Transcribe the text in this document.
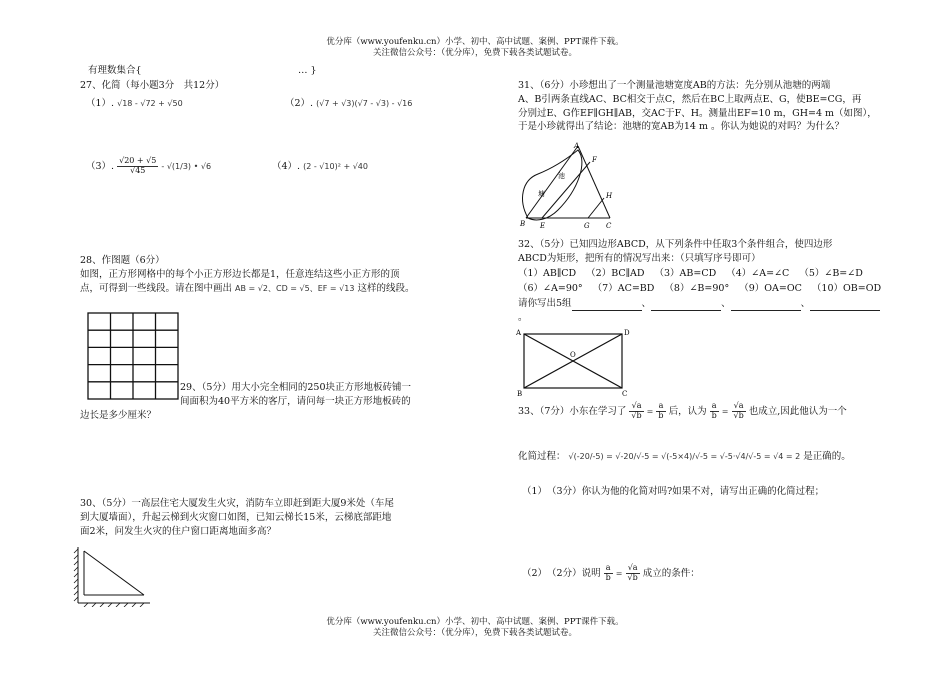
优分库（www.youfenku.cn）小学、初中、高中试题、案例、PPT课件下载。
关注微信公众号：（优分库），免费下载各类试题试卷。
有理数集合{	… }
27、化简（每小题3分　共12分）
（1）. √18 - √72 + √50	（2）. (√7 + √3)(√7 - √3) - √16
（3）. $\frac{√20 + √5}{√45} - √(1/3)$ • √6	（4）. (2 - √10)² + √40
28、作图题（6分）
如图，正方形网格中的每个小正方形边长都是1，任意连结这些小正方形的顶
点，可得到一些线段。请在图中画出 AB = √2、CD = √5、EF = √13 这样的线段。
29、（5分）用大小完全相同的250块正方形地板砖铺一
间面积为40平方米的客厅，请问每一块正方形地板砖的
边长是多少厘米？
30、（5分）一高层住宅大厦发生火灾，消防车立即赶到距大厦9米处（车尾
到大厦墙面），升起云梯到火灾窗口如图，已知云梯长15米，云梯底部距地
面2米，问发生火灾的住户窗口距离地面多高？
31、（6分）小珍想出了一个测量池塘宽度AB的方法：先分别从池塘的两端
A、B引两条直线AC、BC相交于点C，然后在BC上取两点E、G，使BE=CG，再
分别过E、G作EF∥GH∥AB，交AC于F、H。测量出EF=10 m，GH=4 m（如图），
于是小珍就得出了结论：池塘的宽AB为14 m 。你认为她说的对吗？为什么？
A
F
H
B E	G C
池
塘
32、（5分）已知四边形ABCD，从下列条件中任取3个条件组合，使四边形
ABCD为矩形，把所有的情况写出来：（只填写序号即可）
（1）AB∥CD （2）BC∥AD （3）AB=CD （4）∠A=∠C （5）∠B=∠D
（6）∠A=90° （7）AC=BD （8）∠B=90° （9）OA=OC （10）OB=OD
请你写出5组	、	、	、
。
A	D
B	C
O
33、（7分）小东在学习了 $\frac{√a}{√b} = \frac{a}{b}$ 后，认为 $\frac{a}{b} = \frac{√a}{√b}$ 也成立,因此他认为一个
化简过程： √(-20/-5) = √-20/√-5 = √(-5×4)/√-5 = √-5·√4/√-5 = √4 = 2 是正确的。
（1）　（3分）你认为他的化简对吗?如果不对，请写出正确的化简过程；
（2）　（2分）说明 $\frac{a}{b} = \frac{√a}{√b}$ 成立的条件：
优分库（www.youfenku.cn）小学、初中、高中试题、案例、PPT课件下载。
关注微信公众号：（优分库），免费下载各类试题试卷。
